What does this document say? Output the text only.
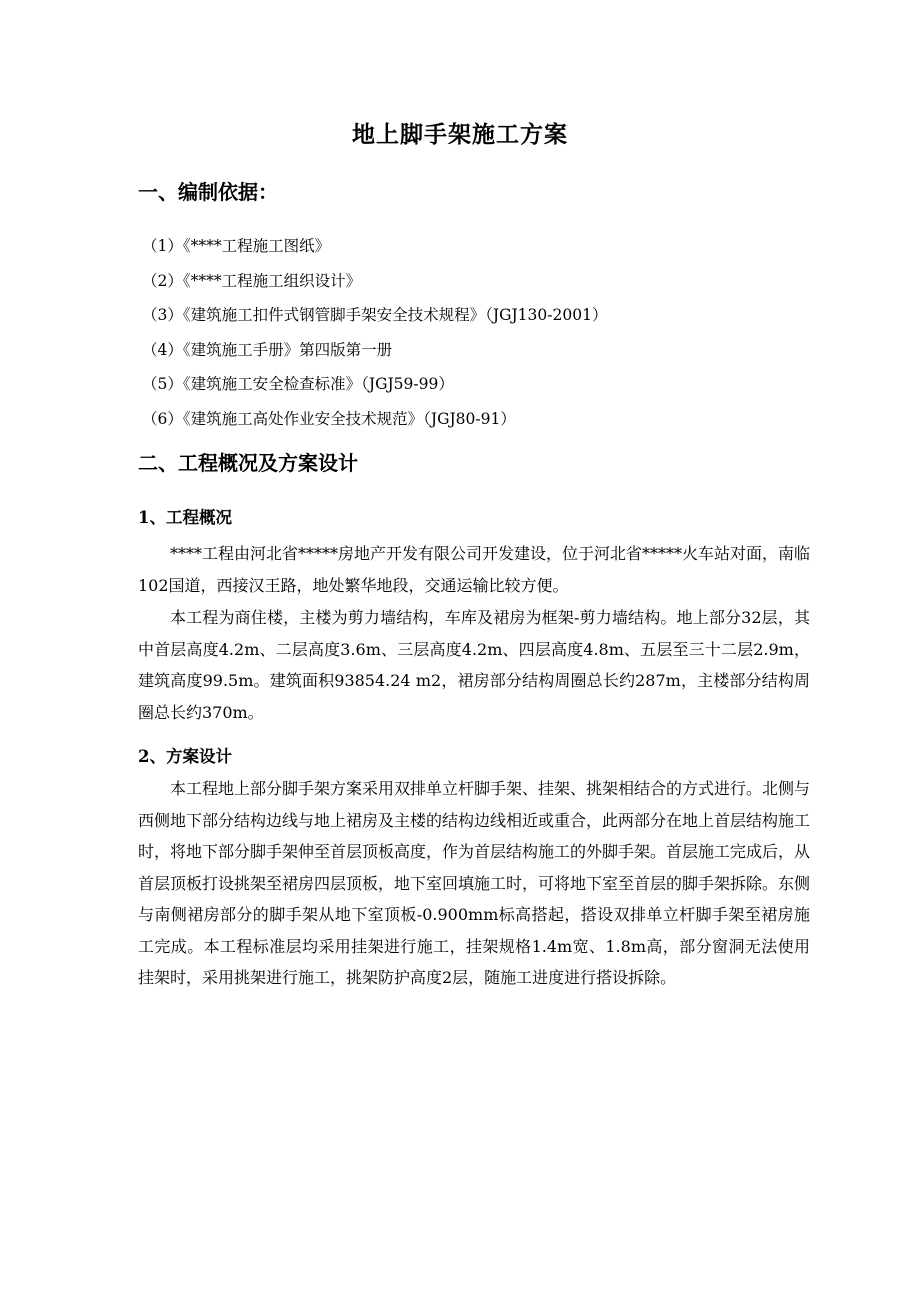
地上脚手架施工方案
一、编制依据：
（1）《****工程施工图纸》
（2）《****工程施工组织设计》
（3）《建筑施工扣件式钢管脚手架安全技术规程》（JGJ130-2001）
（4）《建筑施工手册》第四版第一册
（5）《建筑施工安全检查标准》（JGJ59-99）
（6）《建筑施工高处作业安全技术规范》（JGJ80-91）
二、工程概况及方案设计
1、工程概况

****工程由河北省*****房地产开发有限公司开发建设，位于河北省*****火车站对面，南临102国道，西接汉王路，地处繁华地段，交通运输比较方便。

本工程为商住楼，主楼为剪力墙结构，车库及裙房为框架-剪力墙结构。地上部分32层，其中首层高度4.2m、二层高度3.6m、三层高度4.2m、四层高度4.8m、五层至三十二层2.9m，建筑高度99.5m。建筑面积93854.24 m2，裙房部分结构周圈总长约287m，主楼部分结构周圈总长约370m。

2、方案设计

本工程地上部分脚手架方案采用双排单立杆脚手架、挂架、挑架相结合的方式进行。北侧与西侧地下部分结构边线与地上裙房及主楼的结构边线相近或重合，此两部分在地上首层结构施工时，将地下部分脚手架伸至首层顶板高度，作为首层结构施工的外脚手架。首层施工完成后，从首层顶板打设挑架至裙房四层顶板，地下室回填施工时，可将地下室至首层的脚手架拆除。东侧与南侧裙房部分的脚手架从地下室顶板-0.900mm标高搭起，搭设双排单立杆脚手架至裙房施工完成。本工程标准层均采用挂架进行施工，挂架规格1.4m宽、1.8m高，部分窗洞无法使用挂架时，采用挑架进行施工，挑架防护高度2层，随施工进度进行搭设拆除。
